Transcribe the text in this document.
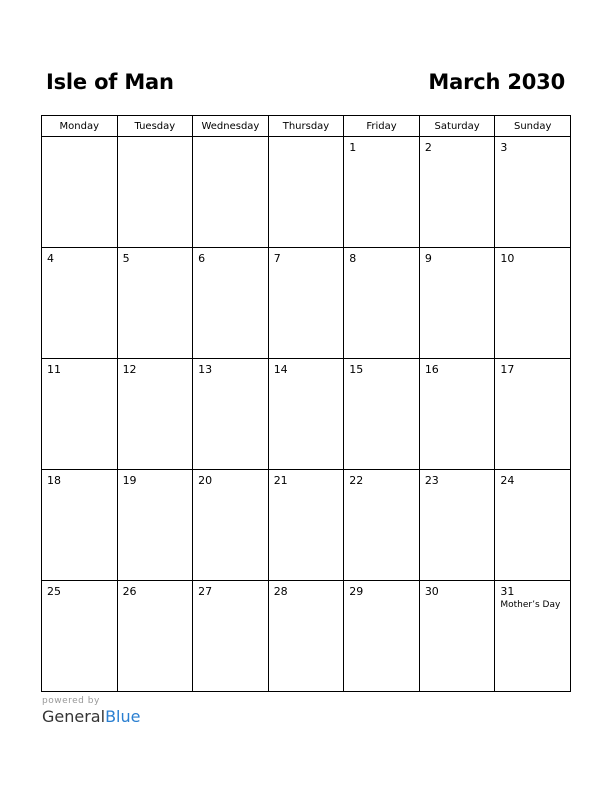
Isle of Man	March 2030
Monday	Tuesday	Wednesday	Thursday	Friday	Saturday	Sunday

				1	2	3

4	5	6	7	8	9	10

11	12	13	14	15	16	17

18	19	20	21	22	23	24

25	26	27	28	29	30	31
Mother’s Day
powered by
GeneralBlue
